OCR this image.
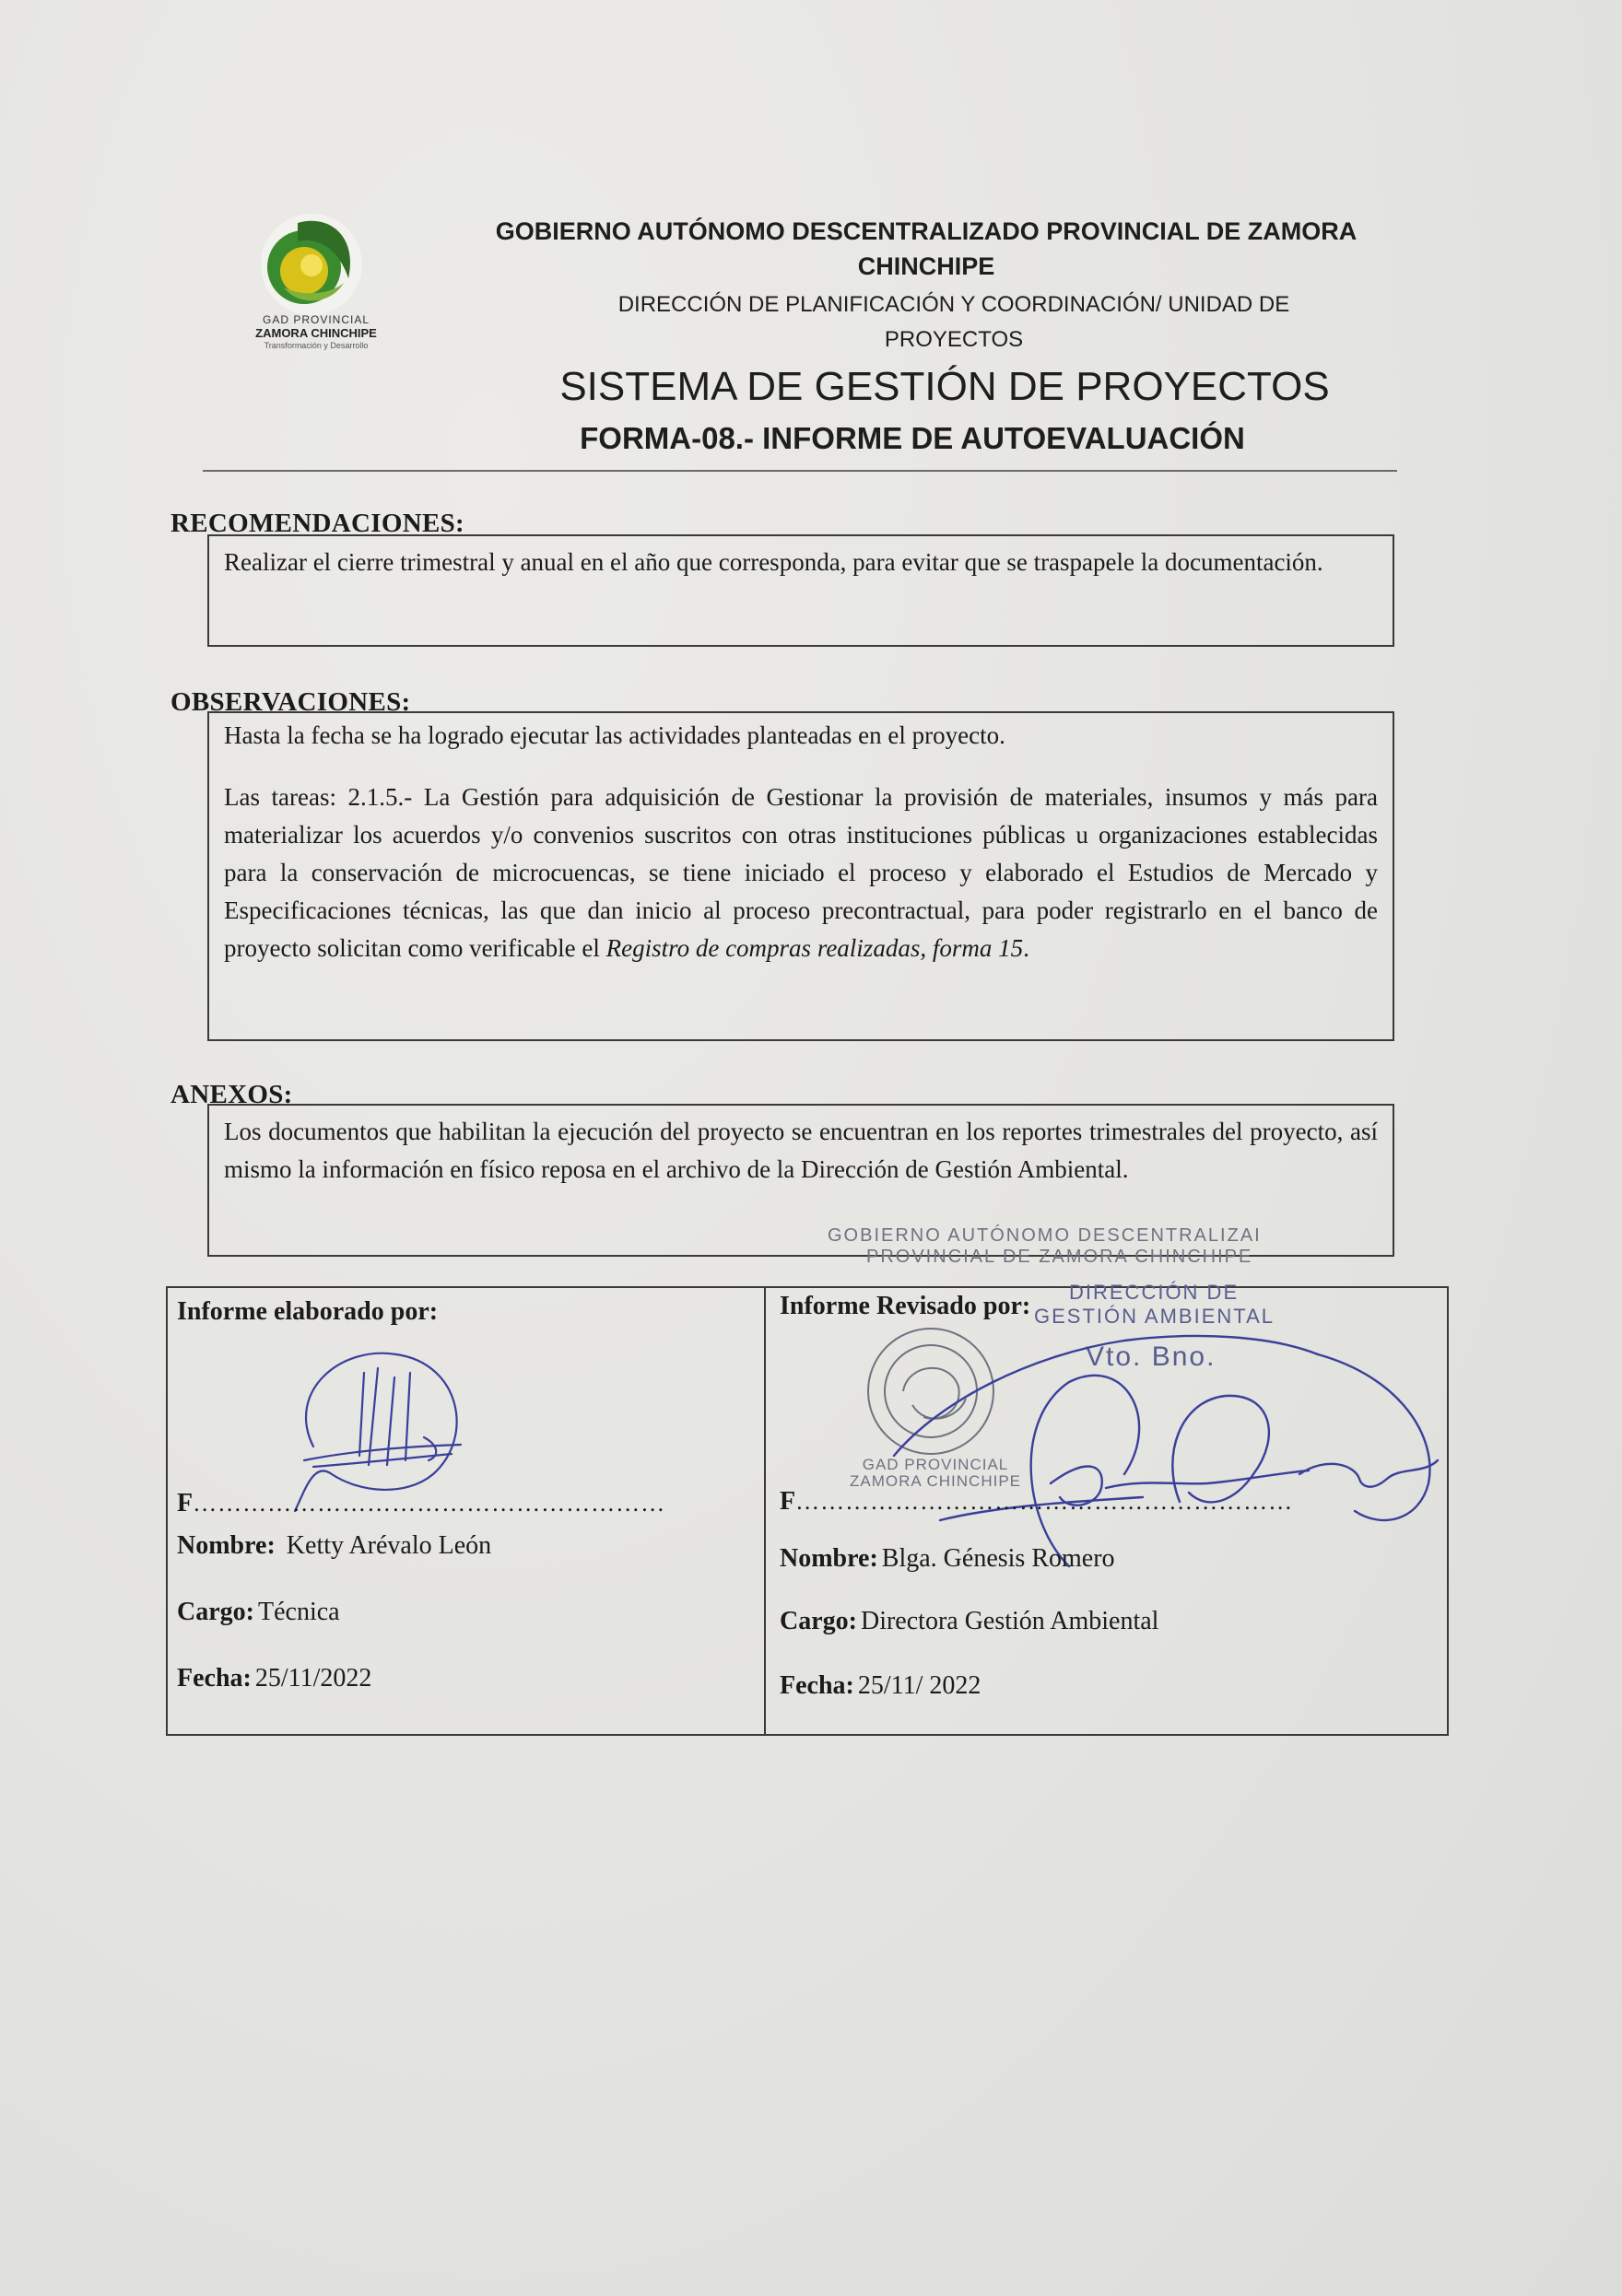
GAD PROVINCIAL
ZAMORA CHINCHIPE
Transformación y Desarrollo
GOBIERNO AUTÓNOMO DESCENTRALIZADO PROVINCIAL DE ZAMORA
CHINCHIPE
DIRECCIÓN DE PLANIFICACIÓN Y COORDINACIÓN/ UNIDAD DE
PROYECTOS
SISTEMA DE GESTIÓN DE PROYECTOS
FORMA-08.- INFORME DE AUTOEVALUACIÓN
RECOMENDACIONES:

Realizar el cierre trimestral y anual en el año que corresponda, para evitar que se traspapele la documentación.

OBSERVACIONES:

Hasta la fecha se ha logrado ejecutar las actividades planteadas en el proyecto.

Las tareas: 2.1.5.- La Gestión para adquisición de Gestionar la provisión de materiales, insumos y más para materializar los acuerdos y/o convenios suscritos con otras instituciones públicas u organizaciones establecidas para la conservación de microcuencas, se tiene iniciado el proceso y elaborado el Estudios de Mercado y Especificaciones técnicas, las que dan inicio al proceso precontractual, para poder registrarlo en el banco de proyecto solicitan como verificable el Registro de compras realizadas, forma 15.

ANEXOS:

Los documentos que habilitan la ejecución del proyecto se encuentran en los reportes trimestrales del proyecto, así mismo la información en físico reposa en el archivo de la Dirección de Gestión Ambiental.

GOBIERNO AUTÓNOMO DESCENTRALIZAI
PROVINCIAL DE ZAMORA CHINCHIPE
Informe elaborado por:
F…………………………………………………
Nombre: Ketty Arévalo León
Cargo: Técnica
Fecha: 25/11/2022
Informe Revisado por: DIRECCIÓN DE
GESTIÓN AMBIENTAL
Vto. Bno.
GAD PROVINCIAL
ZAMORA CHINCHIPE
F……………………………………………………
Nombre: Blga. Génesis Romero
Cargo: Directora Gestión Ambiental
Fecha: 25/11/ 2022
